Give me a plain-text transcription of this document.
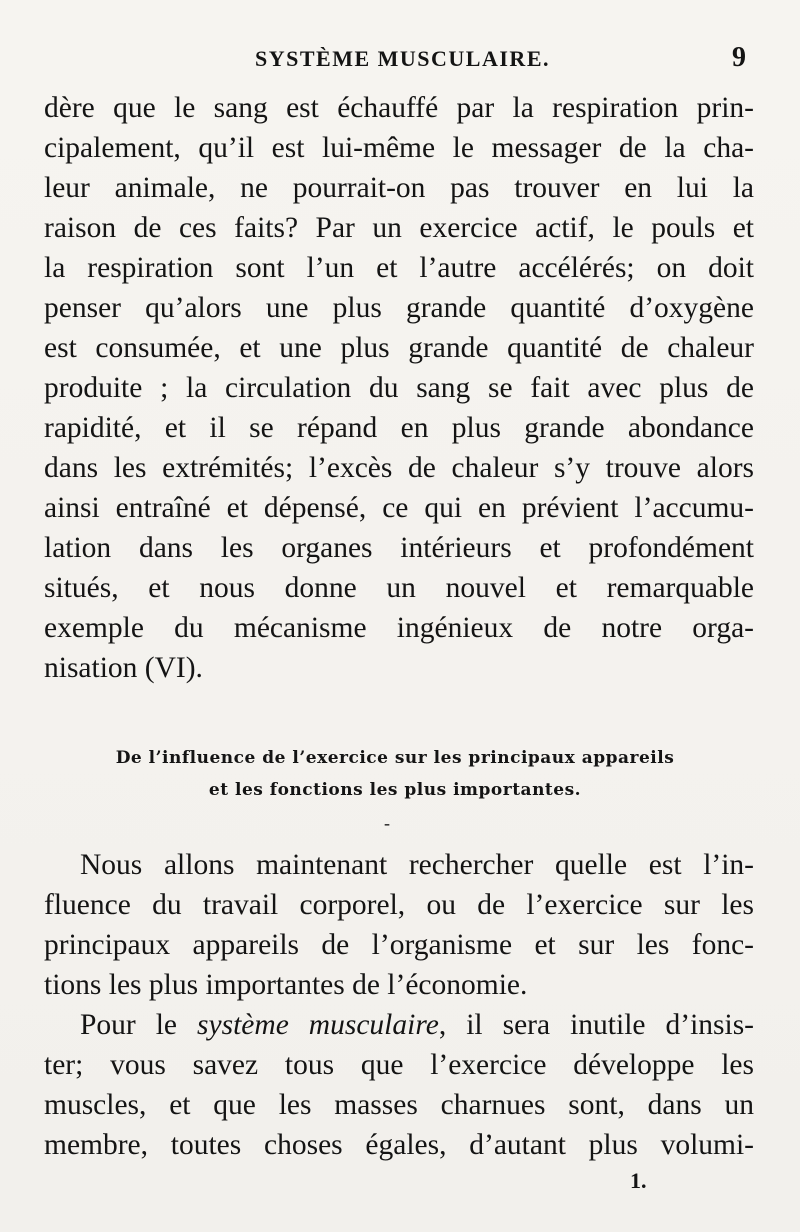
SYSTÈME MUSCULAIRE.	9

dère que le sang est échauffé par la respiration prin-
cipalement, qu’il est lui-même le messager de la cha-
leur animale, ne pourrait-on pas trouver en lui la
raison de ces faits? Par un exercice actif, le pouls et
la respiration sont l’un et l’autre accélérés; on doit
penser qu’alors une plus grande quantité d’oxygène
est consumée, et une plus grande quantité de chaleur
produite ; la circulation du sang se fait avec plus de
rapidité, et il se répand en plus grande abondance
dans les extrémités; l’excès de chaleur s’y trouve alors
ainsi entraîné et dépensé, ce qui en prévient l’accumu-
lation dans les organes intérieurs et profondément
situés, et nous donne un nouvel et remarquable
exemple du mécanisme ingénieux de notre orga-
nisation (VI).

De l’influence de l’exercice sur les principaux appareils
et les fonctions les plus importantes.
-

Nous allons maintenant rechercher quelle est l’in-
fluence du travail corporel, ou de l’exercice sur les
principaux appareils de l’organisme et sur les fonc-
tions les plus importantes de l’économie.

Pour le système musculaire, il sera inutile d’insis-
ter; vous savez tous que l’exercice développe les
muscles, et que les masses charnues sont, dans un
membre, toutes choses égales, d’autant plus volumi-

1.
